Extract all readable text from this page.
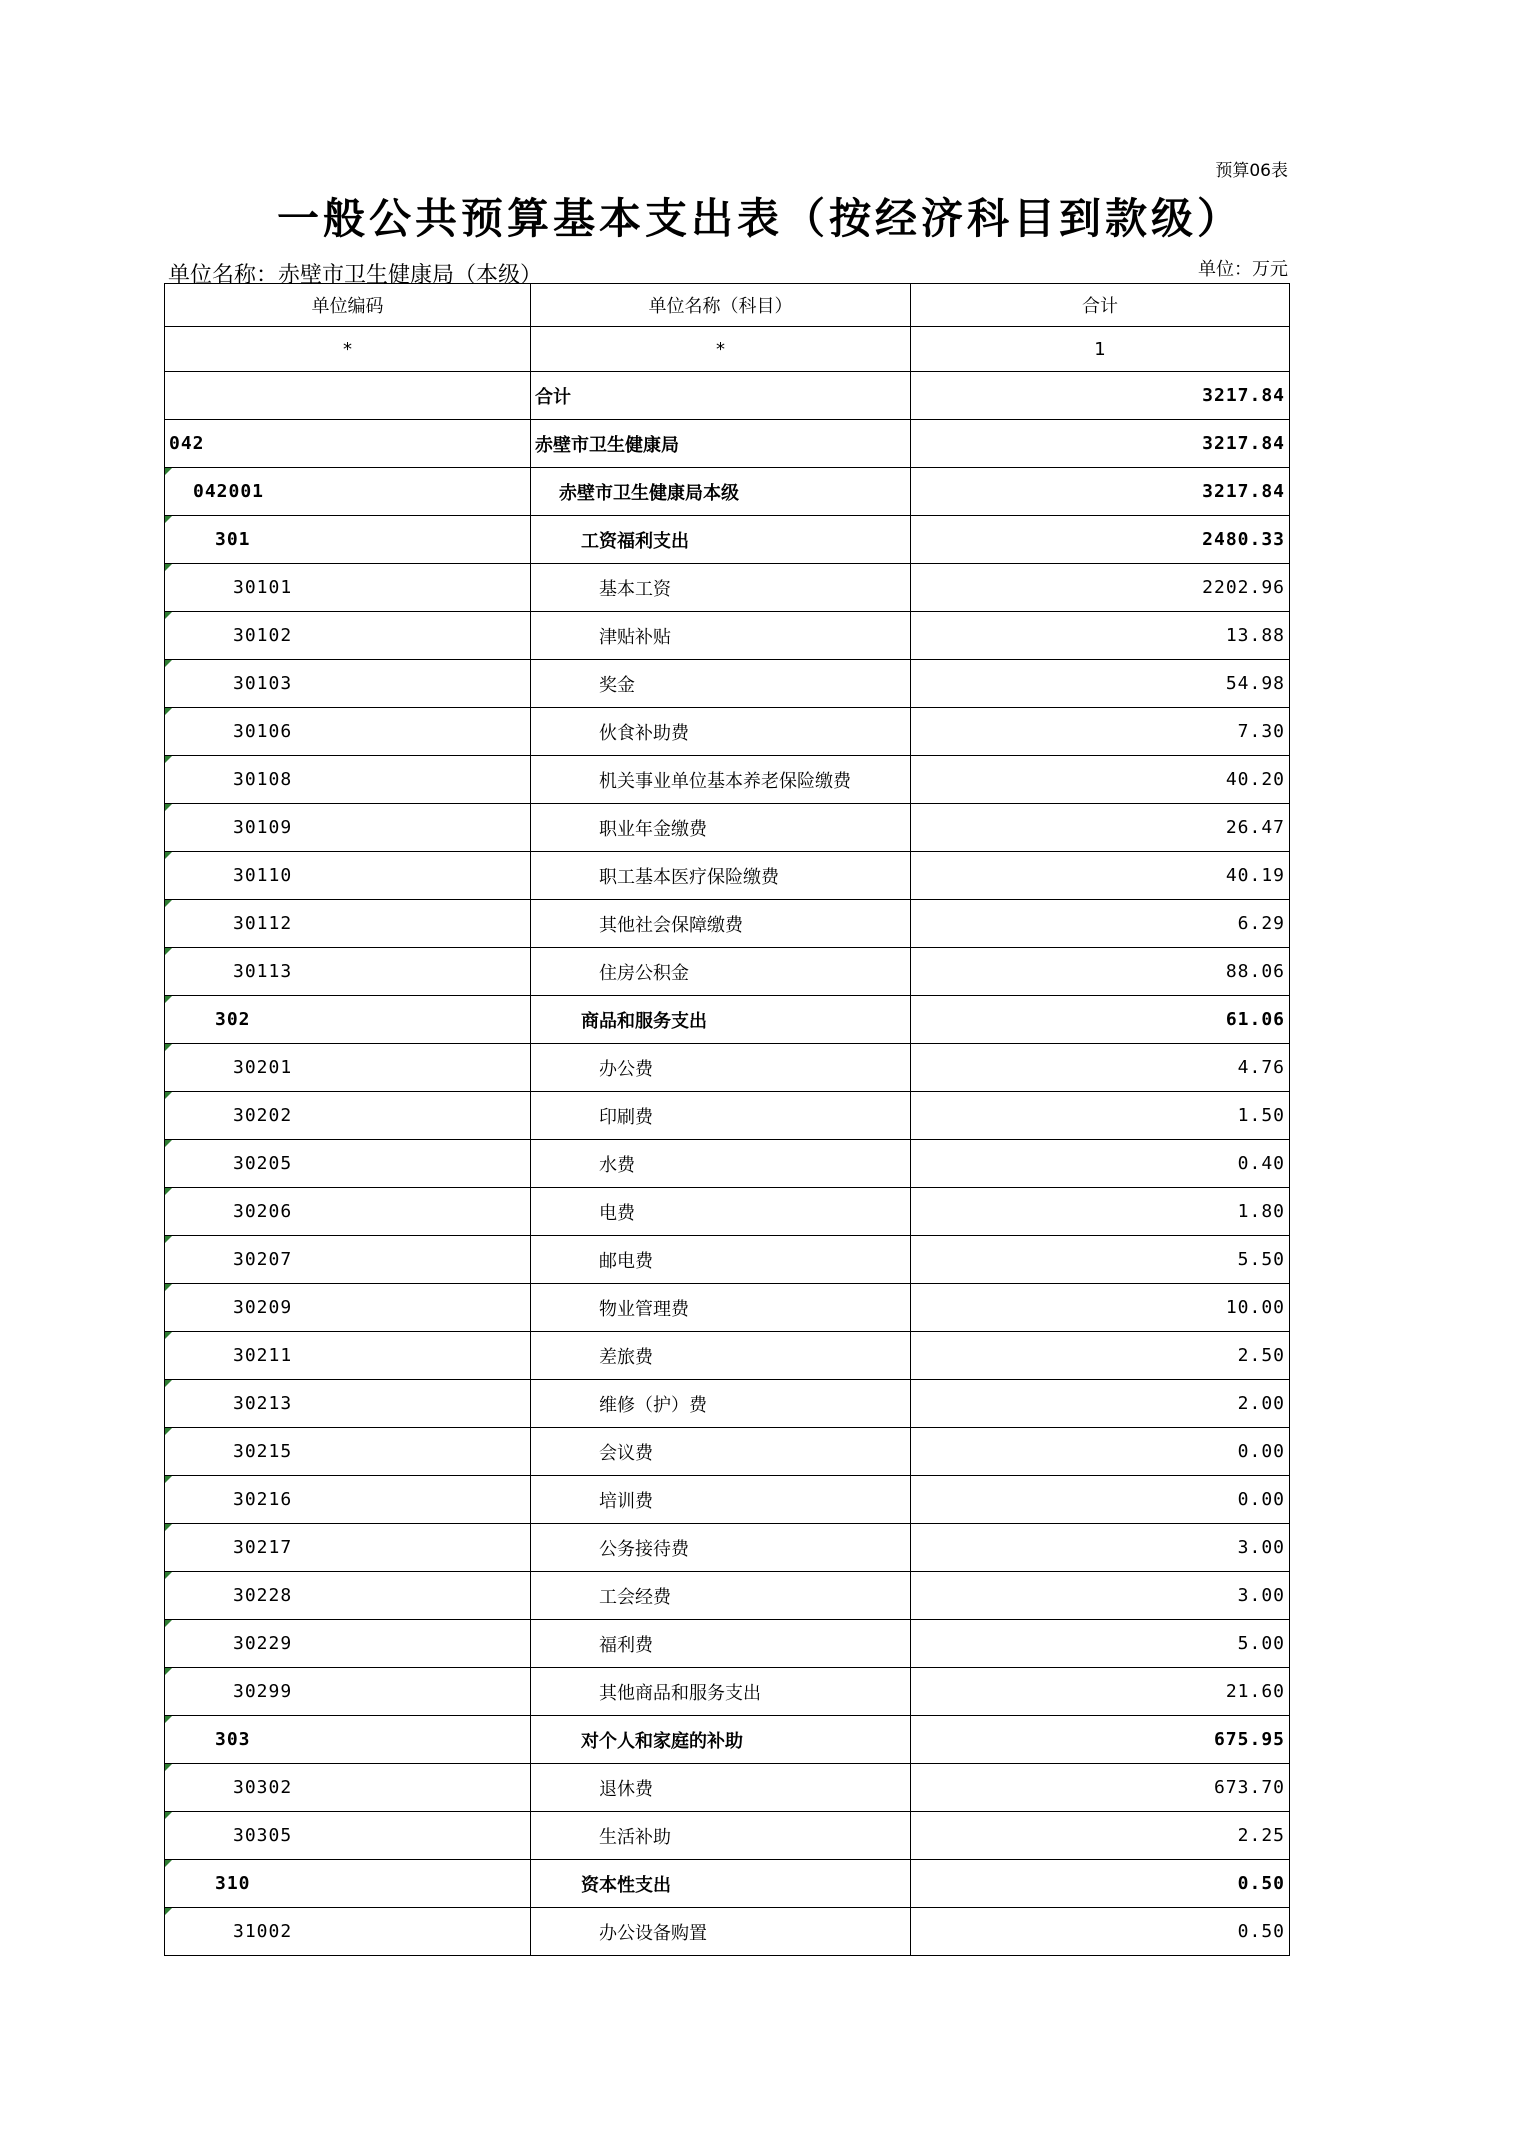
预算06表
一般公共预算基本支出表（按经济科目到款级）
单位名称：赤壁市卫生健康局（本级）	单位：万元
单位编码	单位名称（科目）	合计
*	*	1
	合计	3217.84
042	赤壁市卫生健康局	3217.84
042001	赤壁市卫生健康局本级	3217.84
301	工资福利支出	2480.33
30101	基本工资	2202.96
30102	津贴补贴	13.88
30103	奖金	54.98
30106	伙食补助费	7.30
30108	机关事业单位基本养老保险缴费	40.20
30109	职业年金缴费	26.47
30110	职工基本医疗保险缴费	40.19
30112	其他社会保障缴费	6.29
30113	住房公积金	88.06
302	商品和服务支出	61.06
30201	办公费	4.76
30202	印刷费	1.50
30205	水费	0.40
30206	电费	1.80
30207	邮电费	5.50
30209	物业管理费	10.00
30211	差旅费	2.50
30213	维修（护）费	2.00
30215	会议费	0.00
30216	培训费	0.00
30217	公务接待费	3.00
30228	工会经费	3.00
30229	福利费	5.00
30299	其他商品和服务支出	21.60
303	对个人和家庭的补助	675.95
30302	退休费	673.70
30305	生活补助	2.25
310	资本性支出	0.50
31002	办公设备购置	0.50
